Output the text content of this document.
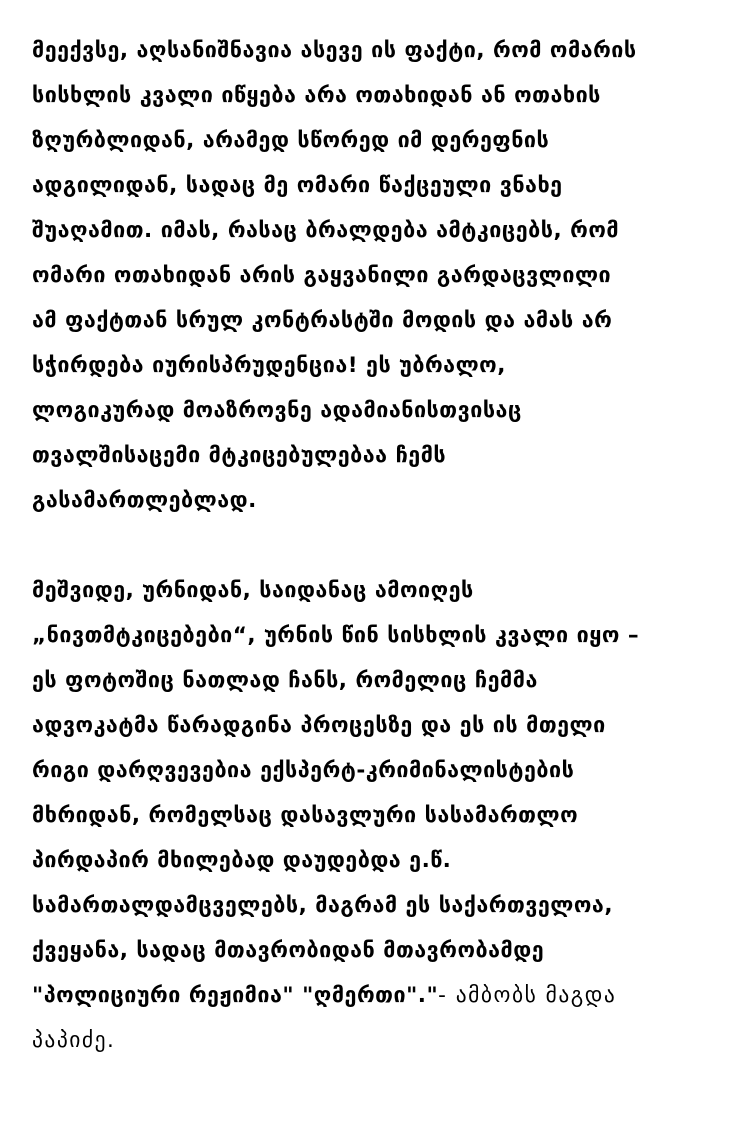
მეექვსე, აღსანიშნავია ასევე ის ფაქტი, რომ ომარის
სისხლის კვალი იწყება არა ოთახიდან ან ოთახის
ზღურბლიდან, არამედ სწორედ იმ დერეფნის
ადგილიდან, სადაც მე ომარი წაქცეული ვნახე
შუაღამით. იმას, რასაც ბრალდება ამტკიცებს, რომ
ომარი ოთახიდან არის გაყვანილი გარდაცვლილი
ამ ფაქტთან სრულ კონტრასტში მოდის და ამას არ
სჭირდება იურისპრუდენცია! ეს უბრალო,
ლოგიკურად მოაზროვნე ადამიანისთვისაც
თვალშისაცემი მტკიცებულებაა ჩემს
გასამართლებლად.
მეშვიდე, ურნიდან, საიდანაც ამოიღეს
„ნივთმტკიცებები“, ურნის წინ სისხლის კვალი იყო –
ეს ფოტოშიც ნათლად ჩანს, რომელიც ჩემმა
ადვოკატმა წარადგინა პროცესზე და ეს ის მთელი
რიგი დარღვევებია ექსპერტ-კრიმინალისტების
მხრიდან, რომელსაც დასავლური სასამართლო
პირდაპირ მხილებად დაუდებდა ე.წ.
სამართალდამცველებს, მაგრამ ეს საქართველოა,
ქვეყანა, სადაც მთავრობიდან მთავრობამდე
"პოლიციური რეჟიმია" "ღმერთი"."- ამბობს მაგდა
პაპიძე.
